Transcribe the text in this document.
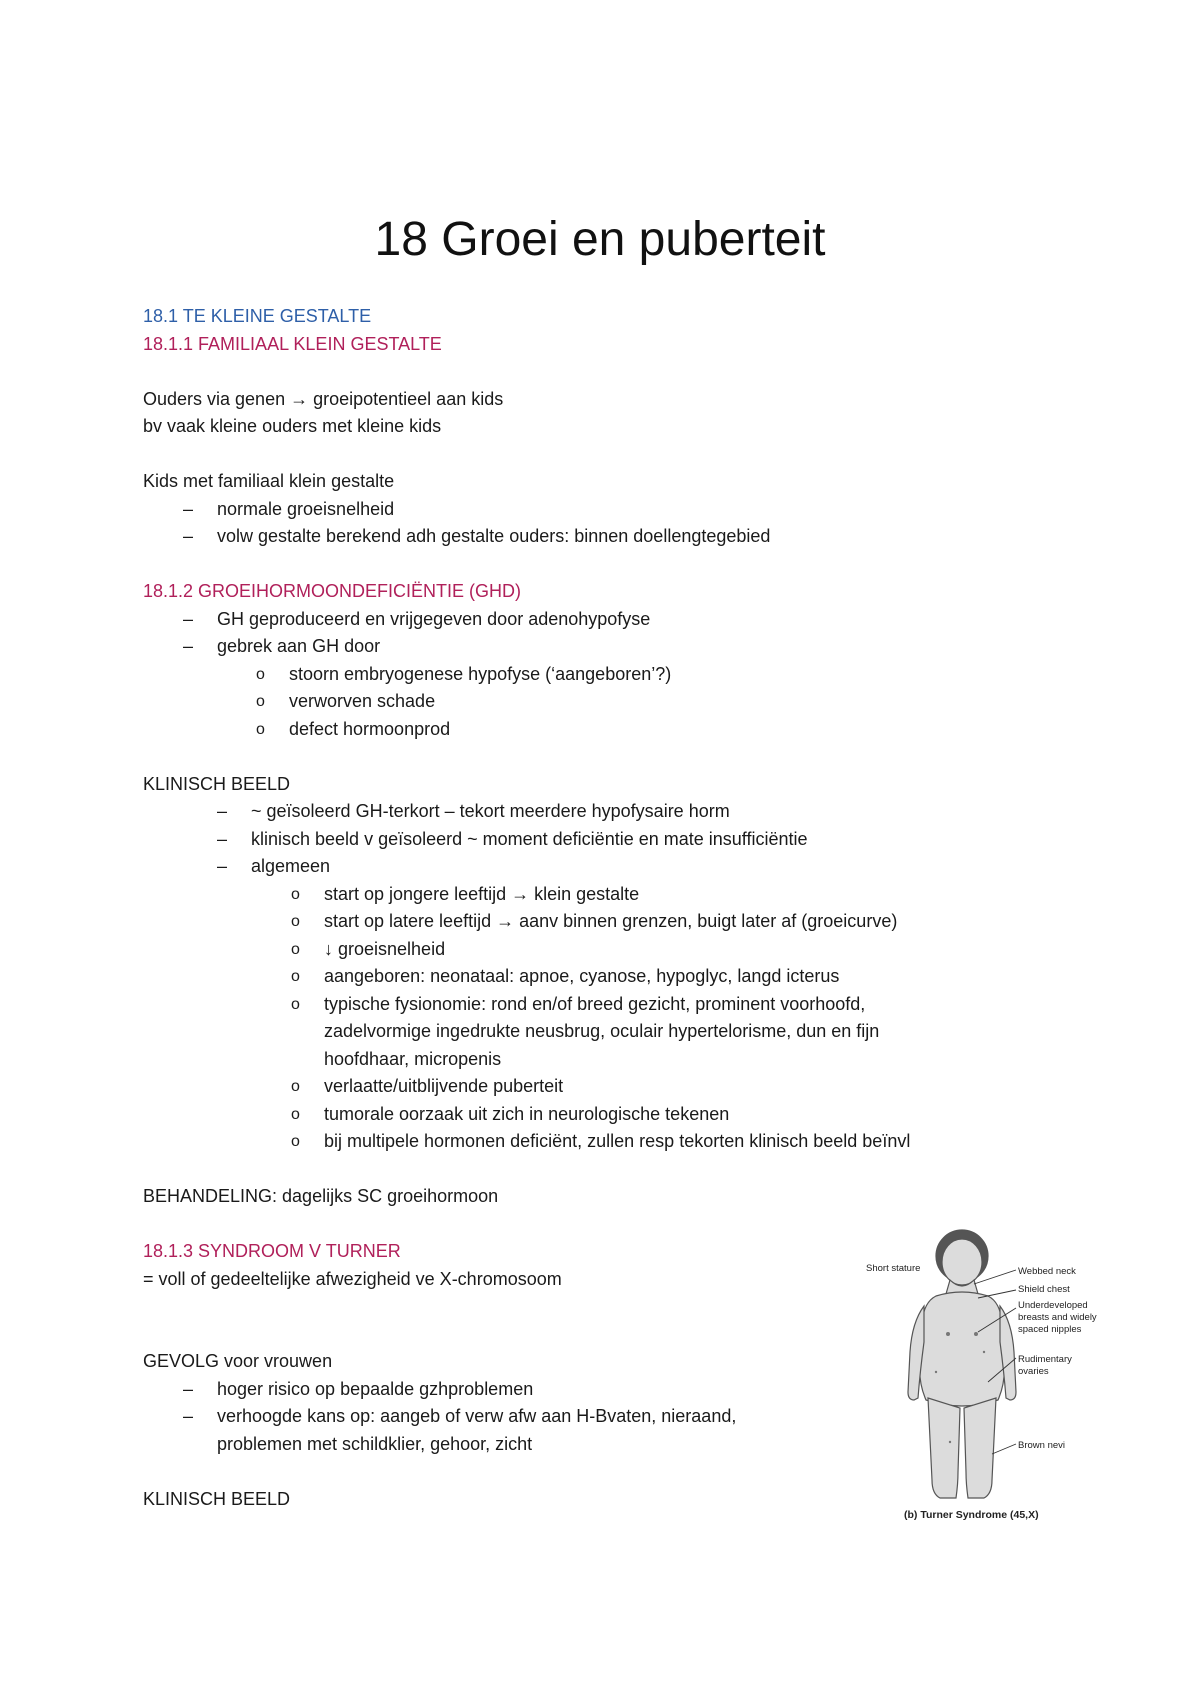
18 Groei en puberteit
18.1 TE KLEINE GESTALTE
18.1.1 FAMILIAAL KLEIN GESTALTE
Ouders via genen → groeipotentieel aan kids
bv vaak kleine ouders met kleine kids
Kids met familiaal klein gestalte
– normale groeisnelheid
– volw gestalte berekend adh gestalte ouders: binnen doellengtegebied
18.1.2 GROEIHORMOONDEFICIËNTIE (GHD)
– GH geproduceerd en vrijgegeven door adenohypofyse
– gebrek aan GH door
o stoorn embryogenese hypofyse (‘aangeboren’?)
o verworven schade
o defect hormoonprod
KLINISCH BEELD
– ~ geïsoleerd GH-terkort – tekort meerdere hypofysaire horm
– klinisch beeld v geïsoleerd ~ moment deficiëntie en mate insufficiëntie
– algemeen
o start op jongere leeftijd → klein gestalte
o start op latere leeftijd → aanv binnen grenzen, buigt later af (groeicurve)
o ↓ groeisnelheid
o aangeboren: neonataal: apnoe, cyanose, hypoglyc, langd icterus
o typische fysionomie: rond en/of breed gezicht, prominent voorhoofd,
zadelvormige ingedrukte neusbrug, oculair hypertelorisme, dun en fijn
hoofdhaar, micropenis
o verlaatte/uitblijvende puberteit
o tumorale oorzaak uit zich in neurologische tekenen
o bij multipele hormonen deficiënt, zullen resp tekorten klinisch beeld beïnvl
BEHANDELING: dagelijks SC groeihormoon
18.1.3 SYNDROOM V TURNER
= voll of gedeeltelijke afwezigheid ve X-chromosoom
GEVOLG voor vrouwen
– hoger risico op bepaalde gzhproblemen
– verhoogde kans op: aangeb of verw afw aan H-Bvaten, nieraand,
problemen met schildklier, gehoor, zicht
KLINISCH BEELD
Short stature	Webbed neck
Shield chest
Underdeveloped
breasts and widely
spaced nipples
Rudimentary
ovaries
Brown nevi
(b) Turner Syndrome (45,X)
